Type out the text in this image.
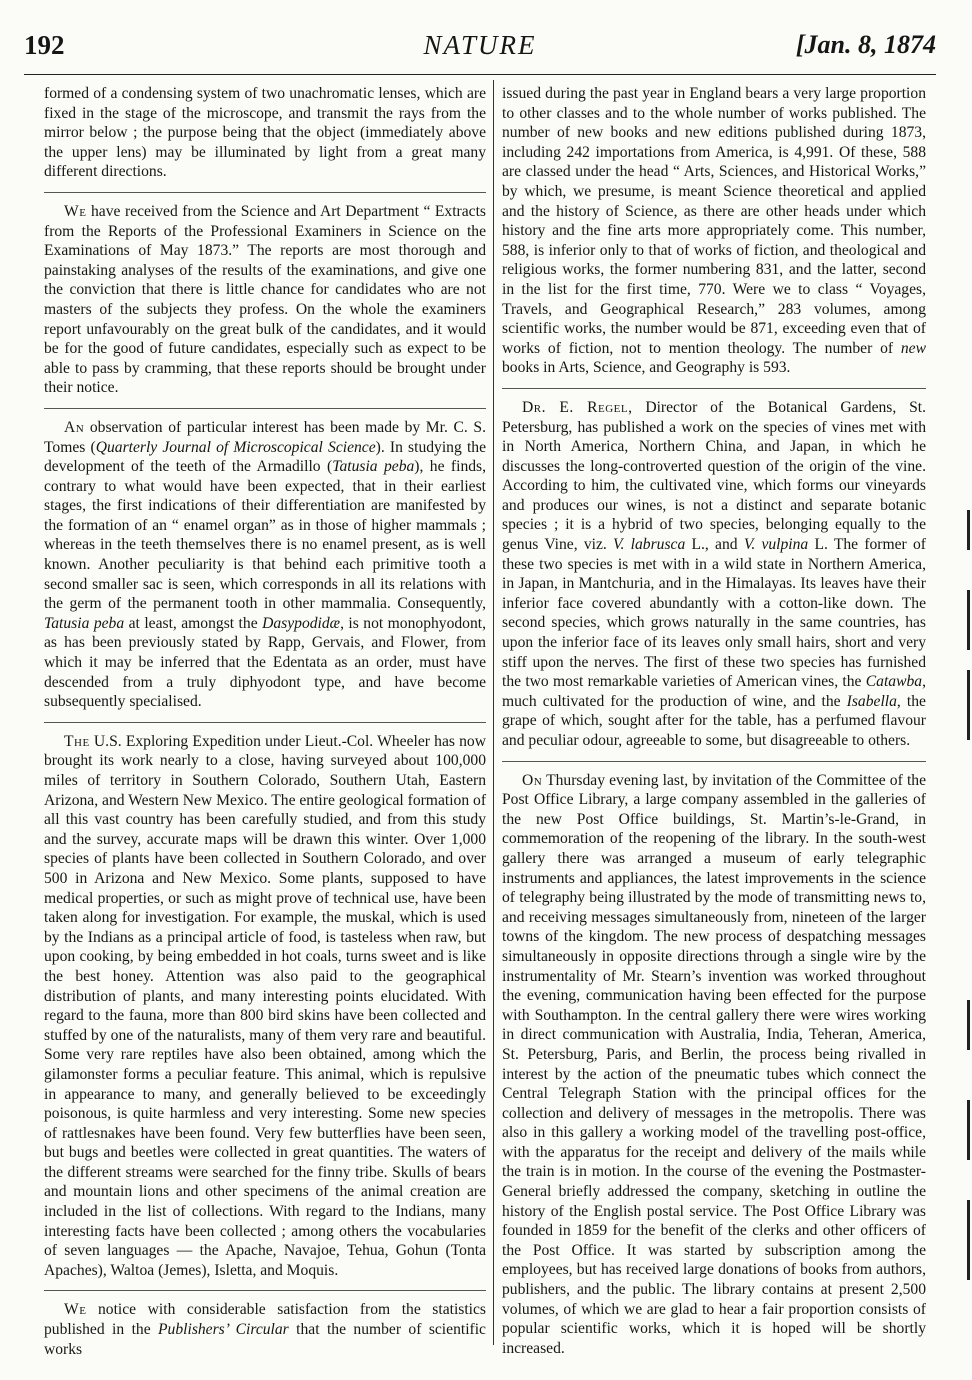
192	NATURE	[Jan. 8, 1874

formed of a condensing system of two unachromatic lenses, which are fixed in the stage of the microscope, and transmit the rays from the mirror below ; the purpose being that the object (immediately above the upper lens) may be illuminated by light from a great many different directions.

We have received from the Science and Art Department “ Extracts from the Reports of the Professional Examiners in Science on the Examinations of May 1873.” The reports are most thorough and painstaking analyses of the results of the examinations, and give one the conviction that there is little chance for candidates who are not masters of the subjects they profess. On the whole the examiners report unfavourably on the great bulk of the candidates, and it would be for the good of future candidates, especially such as expect to be able to pass by cramming, that these reports should be brought under their notice.

An observation of particular interest has been made by Mr. C. S. Tomes (Quarterly Journal of Microscopical Science). In studying the development of the teeth of the Armadillo (Tatusia peba), he finds, contrary to what would have been expected, that in their earliest stages, the first indications of their differentiation are manifested by the formation of an “ enamel organ” as in those of higher mammals ; whereas in the teeth themselves there is no enamel present, as is well known. Another peculiarity is that behind each primitive tooth a second smaller sac is seen, which corresponds in all its relations with the germ of the permanent tooth in other mammalia. Consequently, Tatusia peba at least, amongst the Dasypodidæ, is not monophyodont, as has been previously stated by Rapp, Gervais, and Flower, from which it may be inferred that the Edentata as an order, must have descended from a truly diphyodont type, and have become subsequently specialised.

The U.S. Exploring Expedition under Lieut.-Col. Wheeler has now brought its work nearly to a close, having surveyed about 100,000 miles of territory in Southern Colorado, Southern Utah, Eastern Arizona, and Western New Mexico. The entire geological formation of all this vast country has been carefully studied, and from this study and the survey, accurate maps will be drawn this winter. Over 1,000 species of plants have been collected in Southern Colorado, and over 500 in Arizona and New Mexico. Some plants, supposed to have medical properties, or such as might prove of technical use, have been taken along for investigation. For example, the muskal, which is used by the Indians as a principal article of food, is tasteless when raw, but upon cooking, by being embedded in hot coals, turns sweet and is like the best honey. Attention was also paid to the geographical distribution of plants, and many interesting points elucidated. With regard to the fauna, more than 800 bird skins have been collected and stuffed by one of the naturalists, many of them very rare and beautiful. Some very rare reptiles have also been obtained, among which the gilamonster forms a peculiar feature. This animal, which is repulsive in appearance to many, and generally believed to be exceedingly poisonous, is quite harmless and very interesting. Some new species of rattlesnakes have been found. Very few butterflies have been seen, but bugs and beetles were collected in great quantities. The waters of the different streams were searched for the finny tribe. Skulls of bears and mountain lions and other specimens of the animal creation are included in the list of collections. With regard to the Indians, many interesting facts have been collected ; among others the vocabularies of seven languages — the Apache, Navajoe, Tehua, Gohun (Tonta Apaches), Waltoa (Jemes), Isletta, and Moquis.

We notice with considerable satisfaction from the statistics published in the Publishers’ Circular that the number of scientific works

issued during the past year in England bears a very large proportion to other classes and to the whole number of works published. The number of new books and new editions published during 1873, including 242 importations from America, is 4,991. Of these, 588 are classed under the head “ Arts, Sciences, and Historical Works,” by which, we presume, is meant Science theoretical and applied and the history of Science, as there are other heads under which history and the fine arts more appropriately come. This number, 588, is inferior only to that of works of fiction, and theological and religious works, the former numbering 831, and the latter, second in the list for the first time, 770. Were we to class “ Voyages, Travels, and Geographical Research,” 283 volumes, among scientific works, the number would be 871, exceeding even that of works of fiction, not to mention theology. The number of new books in Arts, Science, and Geography is 593.

Dr. E. Regel, Director of the Botanical Gardens, St. Petersburg, has published a work on the species of vines met with in North America, Northern China, and Japan, in which he discusses the long-controverted question of the origin of the vine. According to him, the cultivated vine, which forms our vineyards and produces our wines, is not a distinct and separate botanic species ; it is a hybrid of two species, belonging equally to the genus Vine, viz. V. labrusca L., and V. vulpina L. The former of these two species is met with in a wild state in Northern America, in Japan, in Mantchuria, and in the Himalayas. Its leaves have their inferior face covered abundantly with a cotton-like down. The second species, which grows naturally in the same countries, has upon the inferior face of its leaves only small hairs, short and very stiff upon the nerves. The first of these two species has furnished the two most remarkable varieties of American vines, the Catawba, much cultivated for the production of wine, and the Isabella, the grape of which, sought after for the table, has a perfumed flavour and peculiar odour, agreeable to some, but disagreeable to others.

On Thursday evening last, by invitation of the Committee of the Post Office Library, a large company assembled in the galleries of the new Post Office buildings, St. Martin’s-le-Grand, in commemoration of the reopening of the library. In the south-west gallery there was arranged a museum of early telegraphic instruments and appliances, the latest improvements in the science of telegraphy being illustrated by the mode of transmitting news to, and receiving messages simultaneously from, nineteen of the larger towns of the kingdom. The new process of despatching messages simultaneously in opposite directions through a single wire by the instrumentality of Mr. Stearn’s invention was worked throughout the evening, communication having been effected for the purpose with Southampton. In the central gallery there were wires working in direct communication with Australia, India, Teheran, America, St. Petersburg, Paris, and Berlin, the process being rivalled in interest by the action of the pneumatic tubes which connect the Central Telegraph Station with the principal offices for the collection and delivery of messages in the metropolis. There was also in this gallery a working model of the travelling post-office, with the apparatus for the receipt and delivery of the mails while the train is in motion. In the course of the evening the Postmaster-General briefly addressed the company, sketching in outline the history of the English postal service. The Post Office Library was founded in 1859 for the benefit of the clerks and other officers of the Post Office. It was started by subscription among the employees, but has received large donations of books from authors, publishers, and the public. The library contains at present 2,500 volumes, of which we are glad to hear a fair proportion consists of popular scientific works, which it is hoped will be shortly increased.
